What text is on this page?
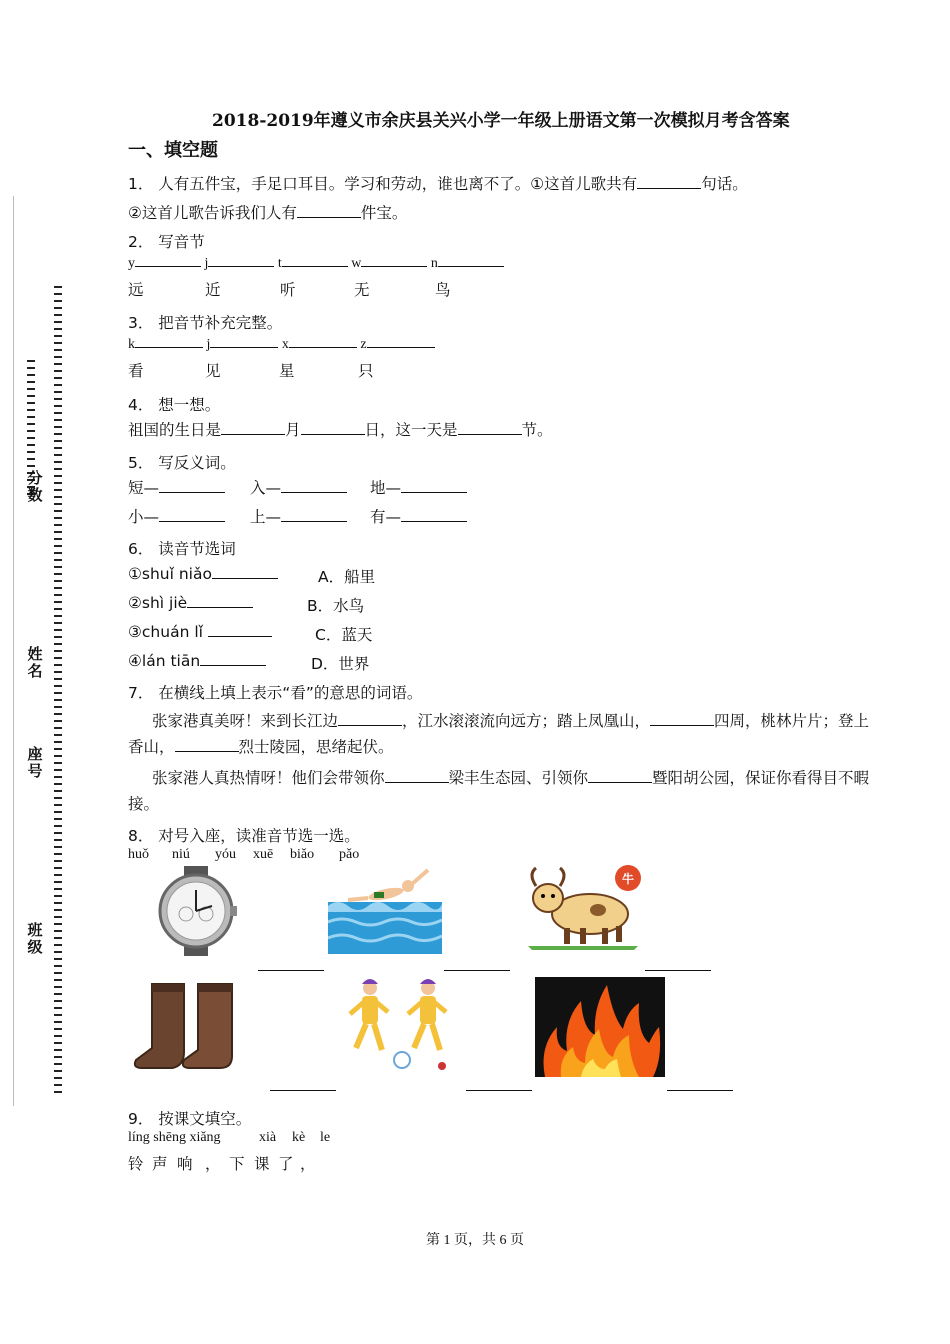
分数
姓名
座号
班级
2018-2019年遵义市余庆县关兴小学一年级上册语文第一次模拟月考含答案
一、填空题
1． 人有五件宝，手足口耳目。学习和劳动，谁也离不了。①这首儿歌共有	句话。
②这首儿歌告诉我们人有	件宝。
2． 写音节
y	j	t	w	n
远	近	听	无	鸟
3． 把音节补充完整。
k	j	x	z
看	见	星	只
4． 想一想。
祖国的生日是	月	日，这一天是	节。
5． 写反义词。
短—	入—	地—
小—	上—	有—
6． 读音节选词
①shuǐ niǎo
②shì jiè
③chuán lǐ
④lán tiān
A．船里
B．水鸟
C．蓝天
D．世界
7． 在横线上填上表示“看”的意思的词语。
张家港真美呀！来到长江边	，江水滚滚流向远方；踏上凤凰山，	四周，桃林片片；登上
香山，	烈士陵园，思绪起伏。
张家港人真热情呀！他们会带领你	梁丰生态园、引领你	暨阳胡公园，保证你看得目不暇
接。
8． 对号入座，读准音节选一选。
huǒ niú yóu xuē biǎo pǎo
牛
9． 按课文填空。
líng shēng xiǎng	xià kè le
铃 声 响 ， 下 课 了 ，
第 1 页，共 6 页
